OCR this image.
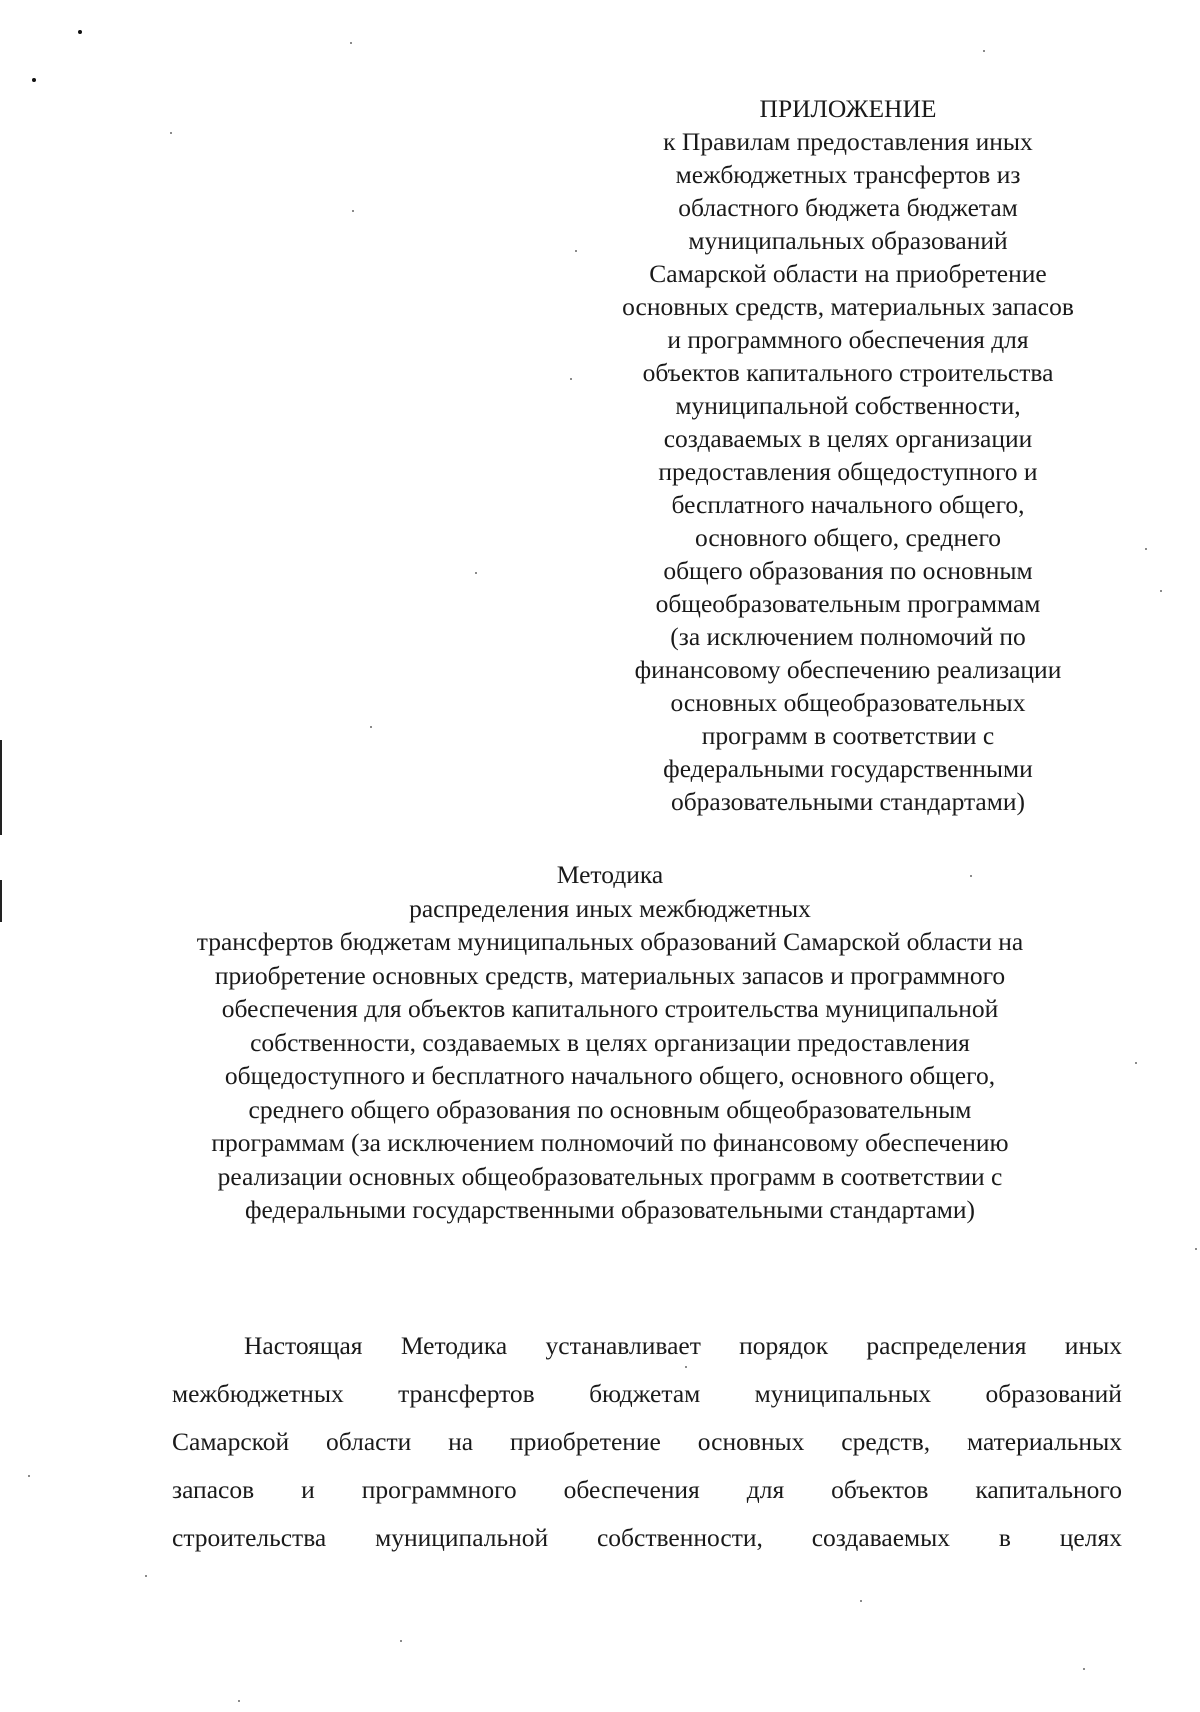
ПРИЛОЖЕНИЕ
к Правилам предоставления иных
межбюджетных трансфертов из
областного бюджета бюджетам
муниципальных образований
Самарской области на приобретение
основных средств, материальных запасов
и программного обеспечения для
объектов капитального строительства
муниципальной собственности,
создаваемых в целях организации
предоставления общедоступного и
бесплатного начального общего,
основного общего, среднего
общего образования по основным
общеобразовательным программам
(за исключением полномочий по
финансовому обеспечению реализации
основных общеобразовательных
программ в соответствии с
федеральными государственными
образовательными стандартами)
Методика
распределения иных межбюджетных
трансфертов бюджетам муниципальных образований Самарской области на
приобретение основных средств, материальных запасов и программного
обеспечения для объектов капитального строительства муниципальной
собственности, создаваемых в целях организации предоставления
общедоступного и бесплатного начального общего, основного общего,
среднего общего образования по основным общеобразовательным
программам (за исключением полномочий по финансовому обеспечению
реализации основных общеобразовательных программ в соответствии с
федеральными государственными образовательными стандартами)
Настоящая Методика устанавливает порядок распределения иных
межбюджетных трансфертов бюджетам муниципальных образований
Самарской области на приобретение основных средств, материальных
запасов и программного обеспечения для объектов капитального
строительства муниципальной собственности, создаваемых в целях
